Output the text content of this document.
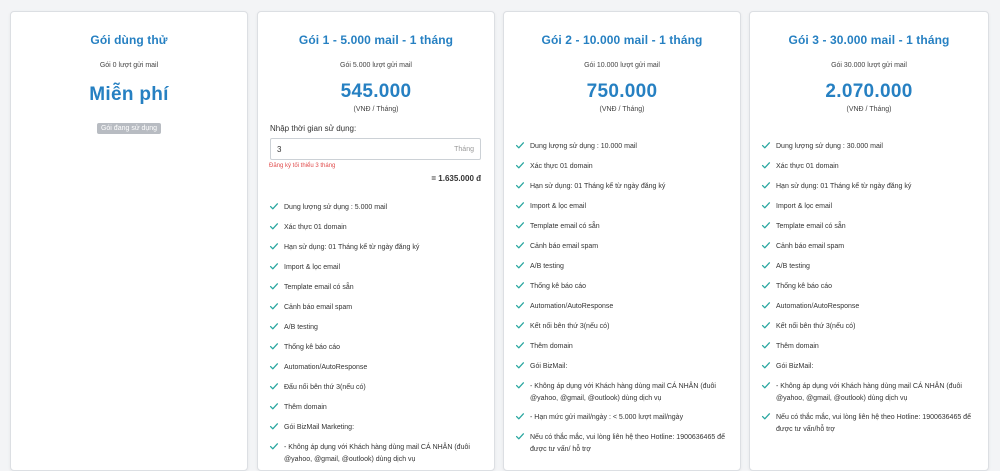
Gói dùng thử
Gói 0 lượt gửi mail
Miễn phí
Gói đang sử dụng
Gói 1 - 5.000 mail - 1 tháng
Gói 5.000 lượt gửi mail
545.000
(VNĐ / Tháng)
Nhập thời gian sử dụng:
3
Tháng
Đăng ký tối thiểu 3 tháng
= 1.635.000 đ
Dung lượng sử dụng : 5.000 mail
Xác thực 01 domain
Hạn sử dụng: 01 Tháng kể từ ngày đăng ký
Import & lọc email
Template email có sẵn
Cảnh báo email spam
A/B testing
Thống kê báo cáo
Automation/AutoResponse
Đấu nối bên thứ 3(nếu có)
Thêm domain
Gói BizMail Marketing:
- Không áp dụng với Khách hàng dùng mail CÁ NHÂN (đuôi @yahoo, @gmail, @outlook) dùng dịch vụ
Gói 2 - 10.000 mail - 1 tháng
Gói 10.000 lượt gửi mail
750.000
(VNĐ / Tháng)
Dung lượng sử dụng : 10.000 mail
Xác thực 01 domain
Hạn sử dụng: 01 Tháng kể từ ngày đăng ký
Import & lọc email
Template email có sẵn
Cảnh báo email spam
A/B testing
Thống kê báo cáo
Automation/AutoResponse
Kết nối bên thứ 3(nếu có)
Thêm domain
Gói BizMail:
- Không áp dụng với Khách hàng dùng mail CÁ NHÂN (đuôi @yahoo, @gmail, @outlook) dùng dịch vụ
- Hạn mức gửi mail/ngày : < 5.000 lượt mail/ngày
Nếu có thắc mắc, vui lòng liên hệ theo Hotline: 1900636465 để được tư vấn/ hỗ trợ
Gói 3 - 30.000 mail - 1 tháng
Gói 30.000 lượt gửi mail
2.070.000
(VNĐ / Tháng)
Dung lượng sử dụng : 30.000 mail
Xác thực 01 domain
Hạn sử dụng: 01 Tháng kể từ ngày đăng ký
Import & lọc email
Template email có sẵn
Cảnh báo email spam
A/B testing
Thống kê báo cáo
Automation/AutoResponse
Kết nối bên thứ 3(nếu có)
Thêm domain
Gói BizMail:
- Không áp dụng với Khách hàng dùng mail CÁ NHÂN (đuôi @yahoo, @gmail, @outlook) dùng dịch vụ
Nếu có thắc mắc, vui lòng liên hệ theo Hotline: 1900636465 để được tư vấn/hỗ trợ
